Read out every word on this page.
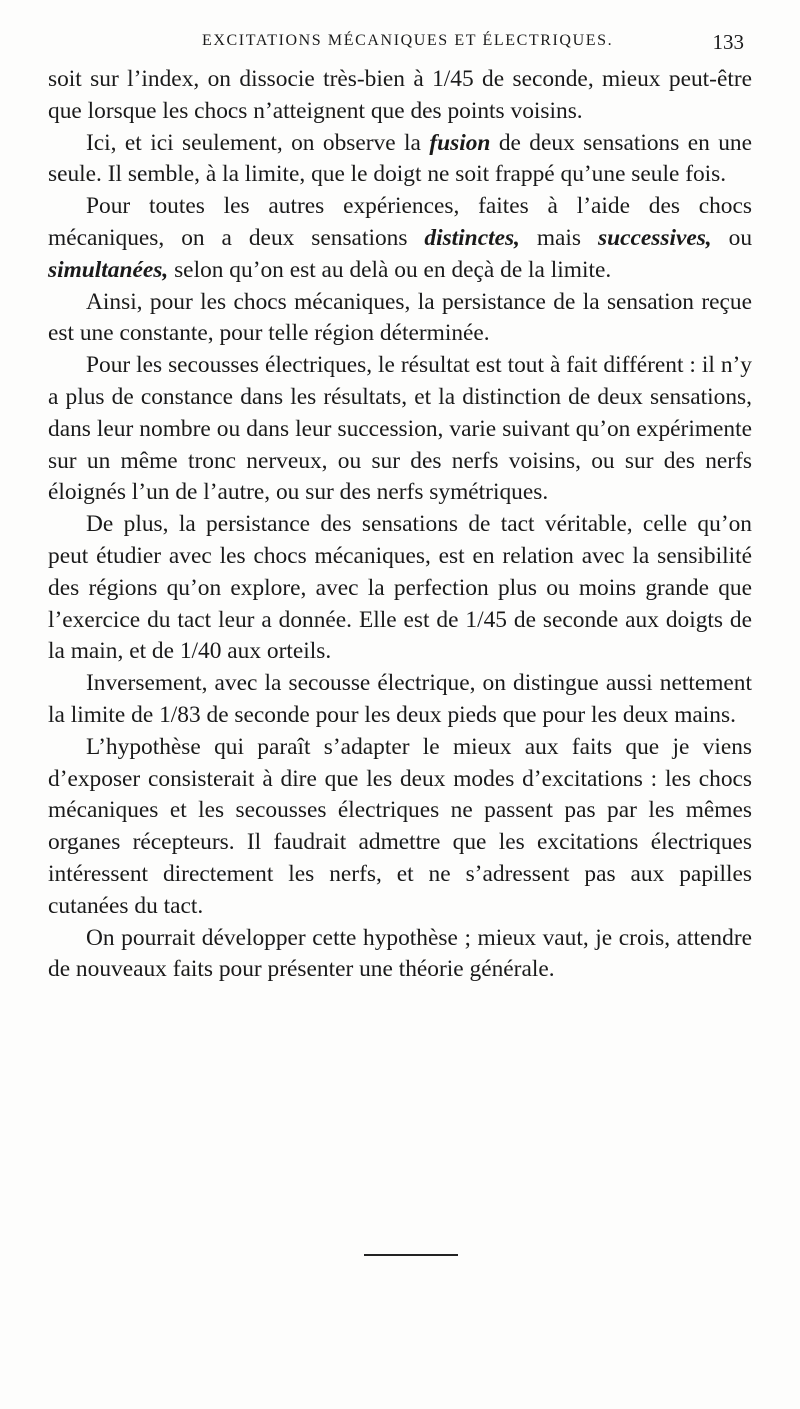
EXCITATIONS MÉCANIQUES ET ÉLECTRIQUES.	133

soit sur l’index, on dissocie très-bien à 1/45 de seconde, mieux peut-être que lorsque les chocs n’atteignent que des points voisins.

Ici, et ici seulement, on observe la fusion de deux sensations en une seule. Il semble, à la limite, que le doigt ne soit frappé qu’une seule fois.

Pour toutes les autres expériences, faites à l’aide des chocs mécaniques, on a deux sensations distinctes, mais successives, ou simultanées, selon qu’on est au delà ou en deçà de la limite.

Ainsi, pour les chocs mécaniques, la persistance de la sensation reçue est une constante, pour telle région déterminée.

Pour les secousses électriques, le résultat est tout à fait différent : il n’y a plus de constance dans les résultats, et la distinction de deux sensations, dans leur nombre ou dans leur succession, varie suivant qu’on expérimente sur un même tronc nerveux, ou sur des nerfs voisins, ou sur des nerfs éloignés l’un de l’autre, ou sur des nerfs symétriques.

De plus, la persistance des sensations de tact véritable, celle qu’on peut étudier avec les chocs mécaniques, est en relation avec la sensibilité des régions qu’on explore, avec la perfection plus ou moins grande que l’exercice du tact leur a donnée. Elle est de 1/45 de seconde aux doigts de la main, et de 1/40 aux orteils.

Inversement, avec la secousse électrique, on distingue aussi nettement la limite de 1/83 de seconde pour les deux pieds que pour les deux mains.

L’hypothèse qui paraît s’adapter le mieux aux faits que je viens d’exposer consisterait à dire que les deux modes d’excitations : les chocs mécaniques et les secousses électriques ne passent pas par les mêmes organes récepteurs. Il faudrait admettre que les excitations électriques intéressent directement les nerfs, et ne s’adressent pas aux papilles cutanées du tact.

On pourrait développer cette hypothèse ; mieux vaut, je crois, attendre de nouveaux faits pour présenter une théorie générale.
